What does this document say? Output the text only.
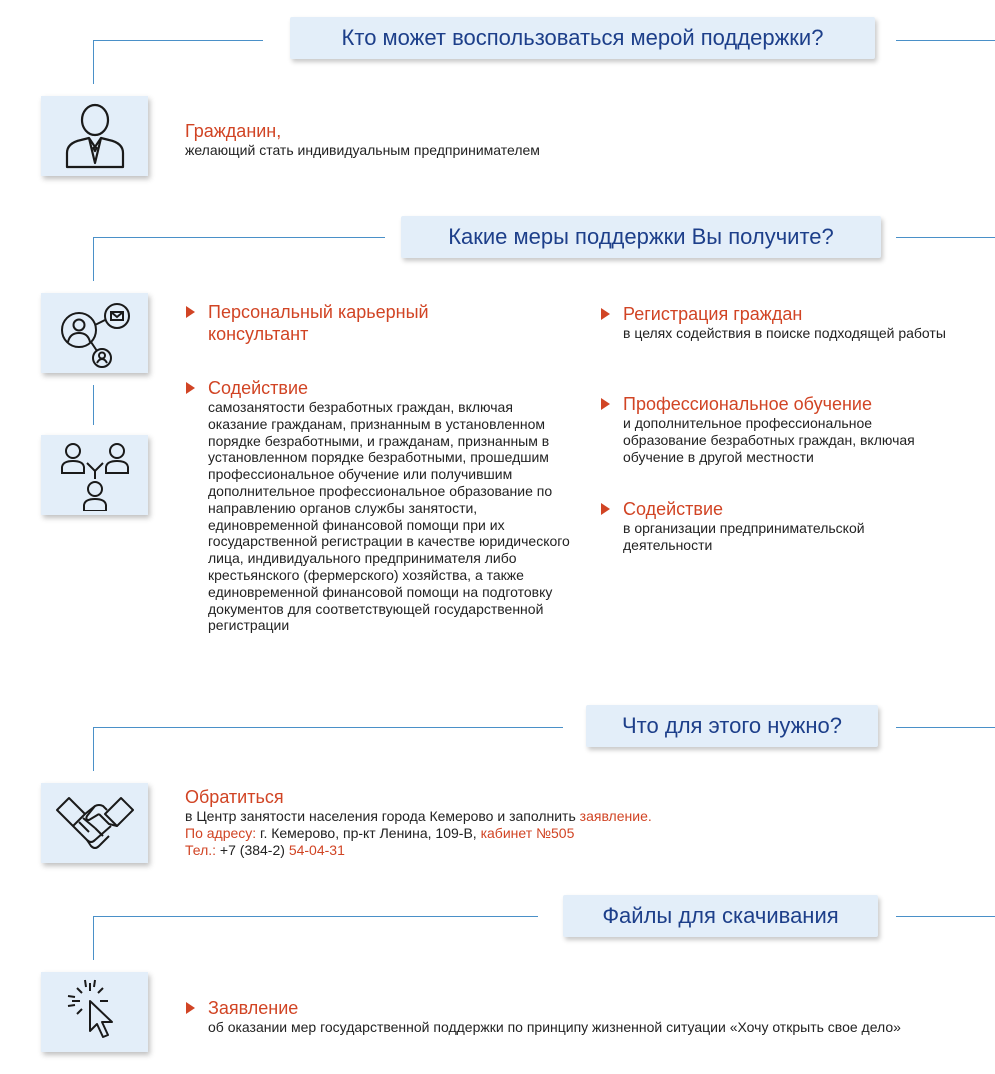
Кто может воспользоваться мерой поддержки?
Гражданин,
желающий стать индивидуальным предпринимателем
Какие меры поддержки Вы получите?
Персональный карьерный консультант
Содействие
самозанятости безработных граждан, включая оказание гражданам, признанным в установленном порядке безработными, и гражданам, признанным в установленном порядке безработными, прошедшим профессиональное обучение или получившим дополнительное профессиональное образование по направлению органов службы занятости, единовременной финансовой помощи при их государственной регистрации в качестве юридического лица, индивидуального предпринимателя либо крестьянского (фермерского) хозяйства, а также единовременной финансовой помощи на подготовку документов для соответствующей государственной регистрации
Регистрация граждан
в целях содействия в поиске подходящей работы
Профессиональное обучение
и дополнительное профессиональное образование безработных граждан, включая обучение в другой местности
Содействие
в организации предпринимательской деятельности
Что для этого нужно?
Обратиться
в Центр занятости населения города Кемерово и заполнить заявление.
По адресу: г. Кемерово, пр-кт Ленина, 109-В, кабинет №505
Тел.: +7 (384-2) 54-04-31
Файлы для скачивания
Заявление
об оказании мер государственной поддержки по принципу жизненной ситуации «Хочу открыть свое дело»
